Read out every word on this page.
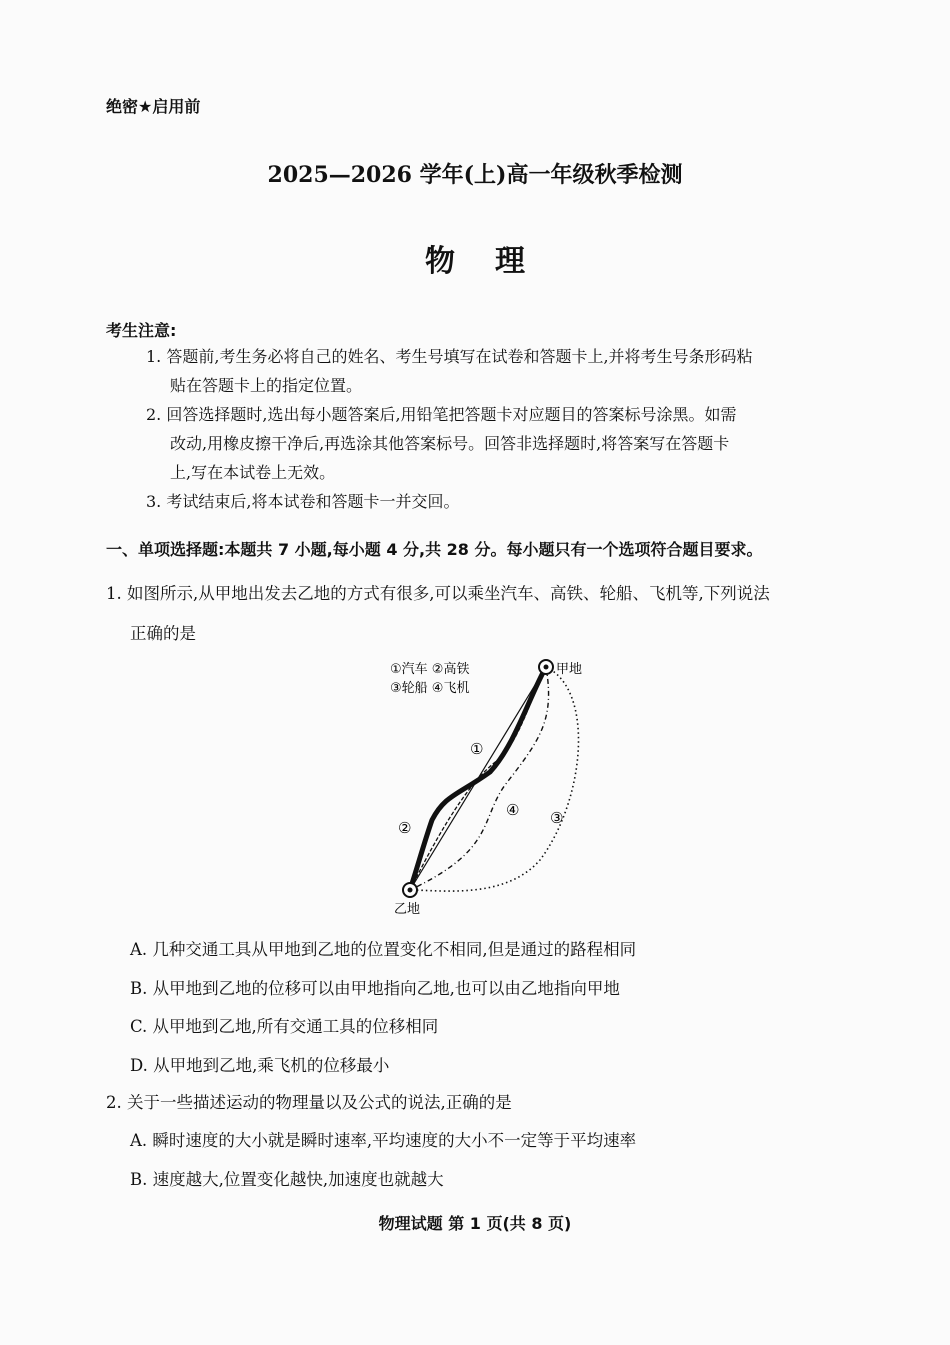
绝密★启用前
2025—2026 学年(上)高一年级秋季检测
物理
考生注意:
1. 答题前,考生务必将自己的姓名、考生号填写在试卷和答题卡上,并将考生号条形码粘
贴在答题卡上的指定位置。
2. 回答选择题时,选出每小题答案后,用铅笔把答题卡对应题目的答案标号涂黑。如需
改动,用橡皮擦干净后,再选涂其他答案标号。回答非选择题时,将答案写在答题卡
上,写在本试卷上无效。
3. 考试结束后,将本试卷和答题卡一并交回。
一、单项选择题:本题共 7 小题,每小题 4 分,共 28 分。每小题只有一个选项符合题目要求。
1. 如图所示,从甲地出发去乙地的方式有很多,可以乘坐汽车、高铁、轮船、飞机等,下列说法
正确的是
①汽车 ②高铁
③轮船 ④飞机
甲地
乙地
①
②
④ ③
A. 几种交通工具从甲地到乙地的位置变化不相同,但是通过的路程相同
B. 从甲地到乙地的位移可以由甲地指向乙地,也可以由乙地指向甲地
C. 从甲地到乙地,所有交通工具的位移相同
D. 从甲地到乙地,乘飞机的位移最小
2. 关于一些描述运动的物理量以及公式的说法,正确的是
A. 瞬时速度的大小就是瞬时速率,平均速度的大小不一定等于平均速率
B. 速度越大,位置变化越快,加速度也就越大
物理试题 第 1 页(共 8 页)
